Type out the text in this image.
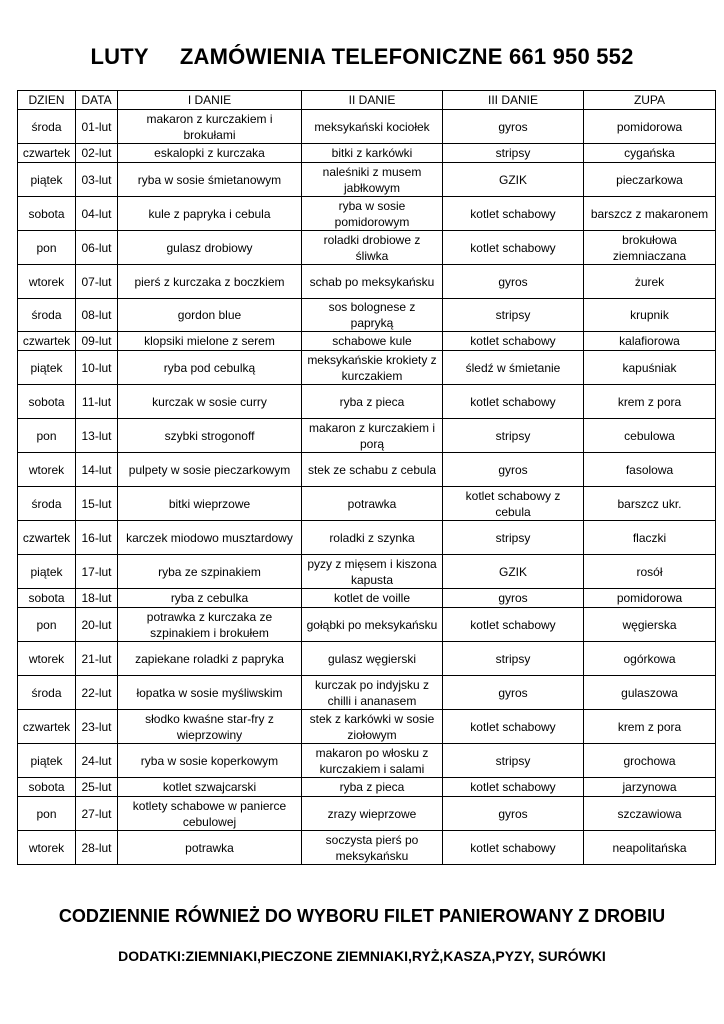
LUTY     ZAMÓWIENIA TELEFONICZNE 661 950 552
DZIEN	DATA	I DANIE	II DANIE	III DANIE	ZUPA
środa	01-lut	makaron z kurczakiem i brokułami	meksykański kociołek	gyros	pomidorowa
czwartek	02-lut	eskalopki z kurczaka	bitki z karkówki	stripsy	cygańska
piątek	03-lut	ryba w sosie śmietanowym	naleśniki z musem jabłkowym	GZIK	pieczarkowa
sobota	04-lut	kule z papryka i cebula	ryba w sosie pomidorowym	kotlet schabowy	barszcz z makaronem
pon	06-lut	gulasz drobiowy	roladki drobiowe z śliwka	kotlet schabowy	brokułowa ziemniaczana
wtorek	07-lut	pierś z kurczaka z boczkiem	schab po meksykańsku	gyros	żurek
środa	08-lut	gordon blue	sos bolognese z papryką	stripsy	krupnik
czwartek	09-lut	klopsiki mielone z serem	schabowe kule	kotlet schabowy	kalafiorowa
piątek	10-lut	ryba pod cebulką	meksykańskie krokiety z kurczakiem	śledź w śmietanie	kapuśniak
sobota	11-lut	kurczak w sosie curry	ryba z pieca	kotlet schabowy	krem z pora
pon	13-lut	szybki strogonoff	makaron z kurczakiem i porą	stripsy	cebulowa
wtorek	14-lut	pulpety w sosie pieczarkowym	stek ze schabu z cebula	gyros	fasolowa
środa	15-lut	bitki wieprzowe	potrawka	kotlet schabowy z cebula	barszcz ukr.
czwartek	16-lut	karczek miodowo musztardowy	roladki z szynka	stripsy	flaczki
piątek	17-lut	ryba ze szpinakiem	pyzy z mięsem i kiszona kapusta	GZIK	rosół
sobota	18-lut	ryba z cebulka	kotlet de voille	gyros	pomidorowa
pon	20-lut	potrawka z kurczaka ze szpinakiem i brokułem	gołąbki po meksykańsku	kotlet schabowy	węgierska
wtorek	21-lut	zapiekane roladki z papryka	gulasz węgierski	stripsy	ogórkowa
środa	22-lut	łopatka w sosie myśliwskim	kurczak po indyjsku z chilli i ananasem	gyros	gulaszowa
czwartek	23-lut	słodko kwaśne star-fry z wieprzowiny	stek z karkówki w sosie ziołowym	kotlet schabowy	krem z pora
piątek	24-lut	ryba w sosie koperkowym	makaron po włosku z kurczakiem i salami	stripsy	grochowa
sobota	25-lut	kotlet szwajcarski	ryba z pieca	kotlet schabowy	jarzynowa
pon	27-lut	kotlety schabowe w panierce cebulowej	zrazy wieprzowe	gyros	szczawiowa
wtorek	28-lut	potrawka	soczysta pierś po meksykańsku	kotlet schabowy	neapolitańska
CODZIENNIE RÓWNIEŻ DO WYBORU FILET PANIEROWANY Z DROBIU
DODATKI:ZIEMNIAKI,PIECZONE ZIEMNIAKI,RYŻ,KASZA,PYZY, SURÓWKI
